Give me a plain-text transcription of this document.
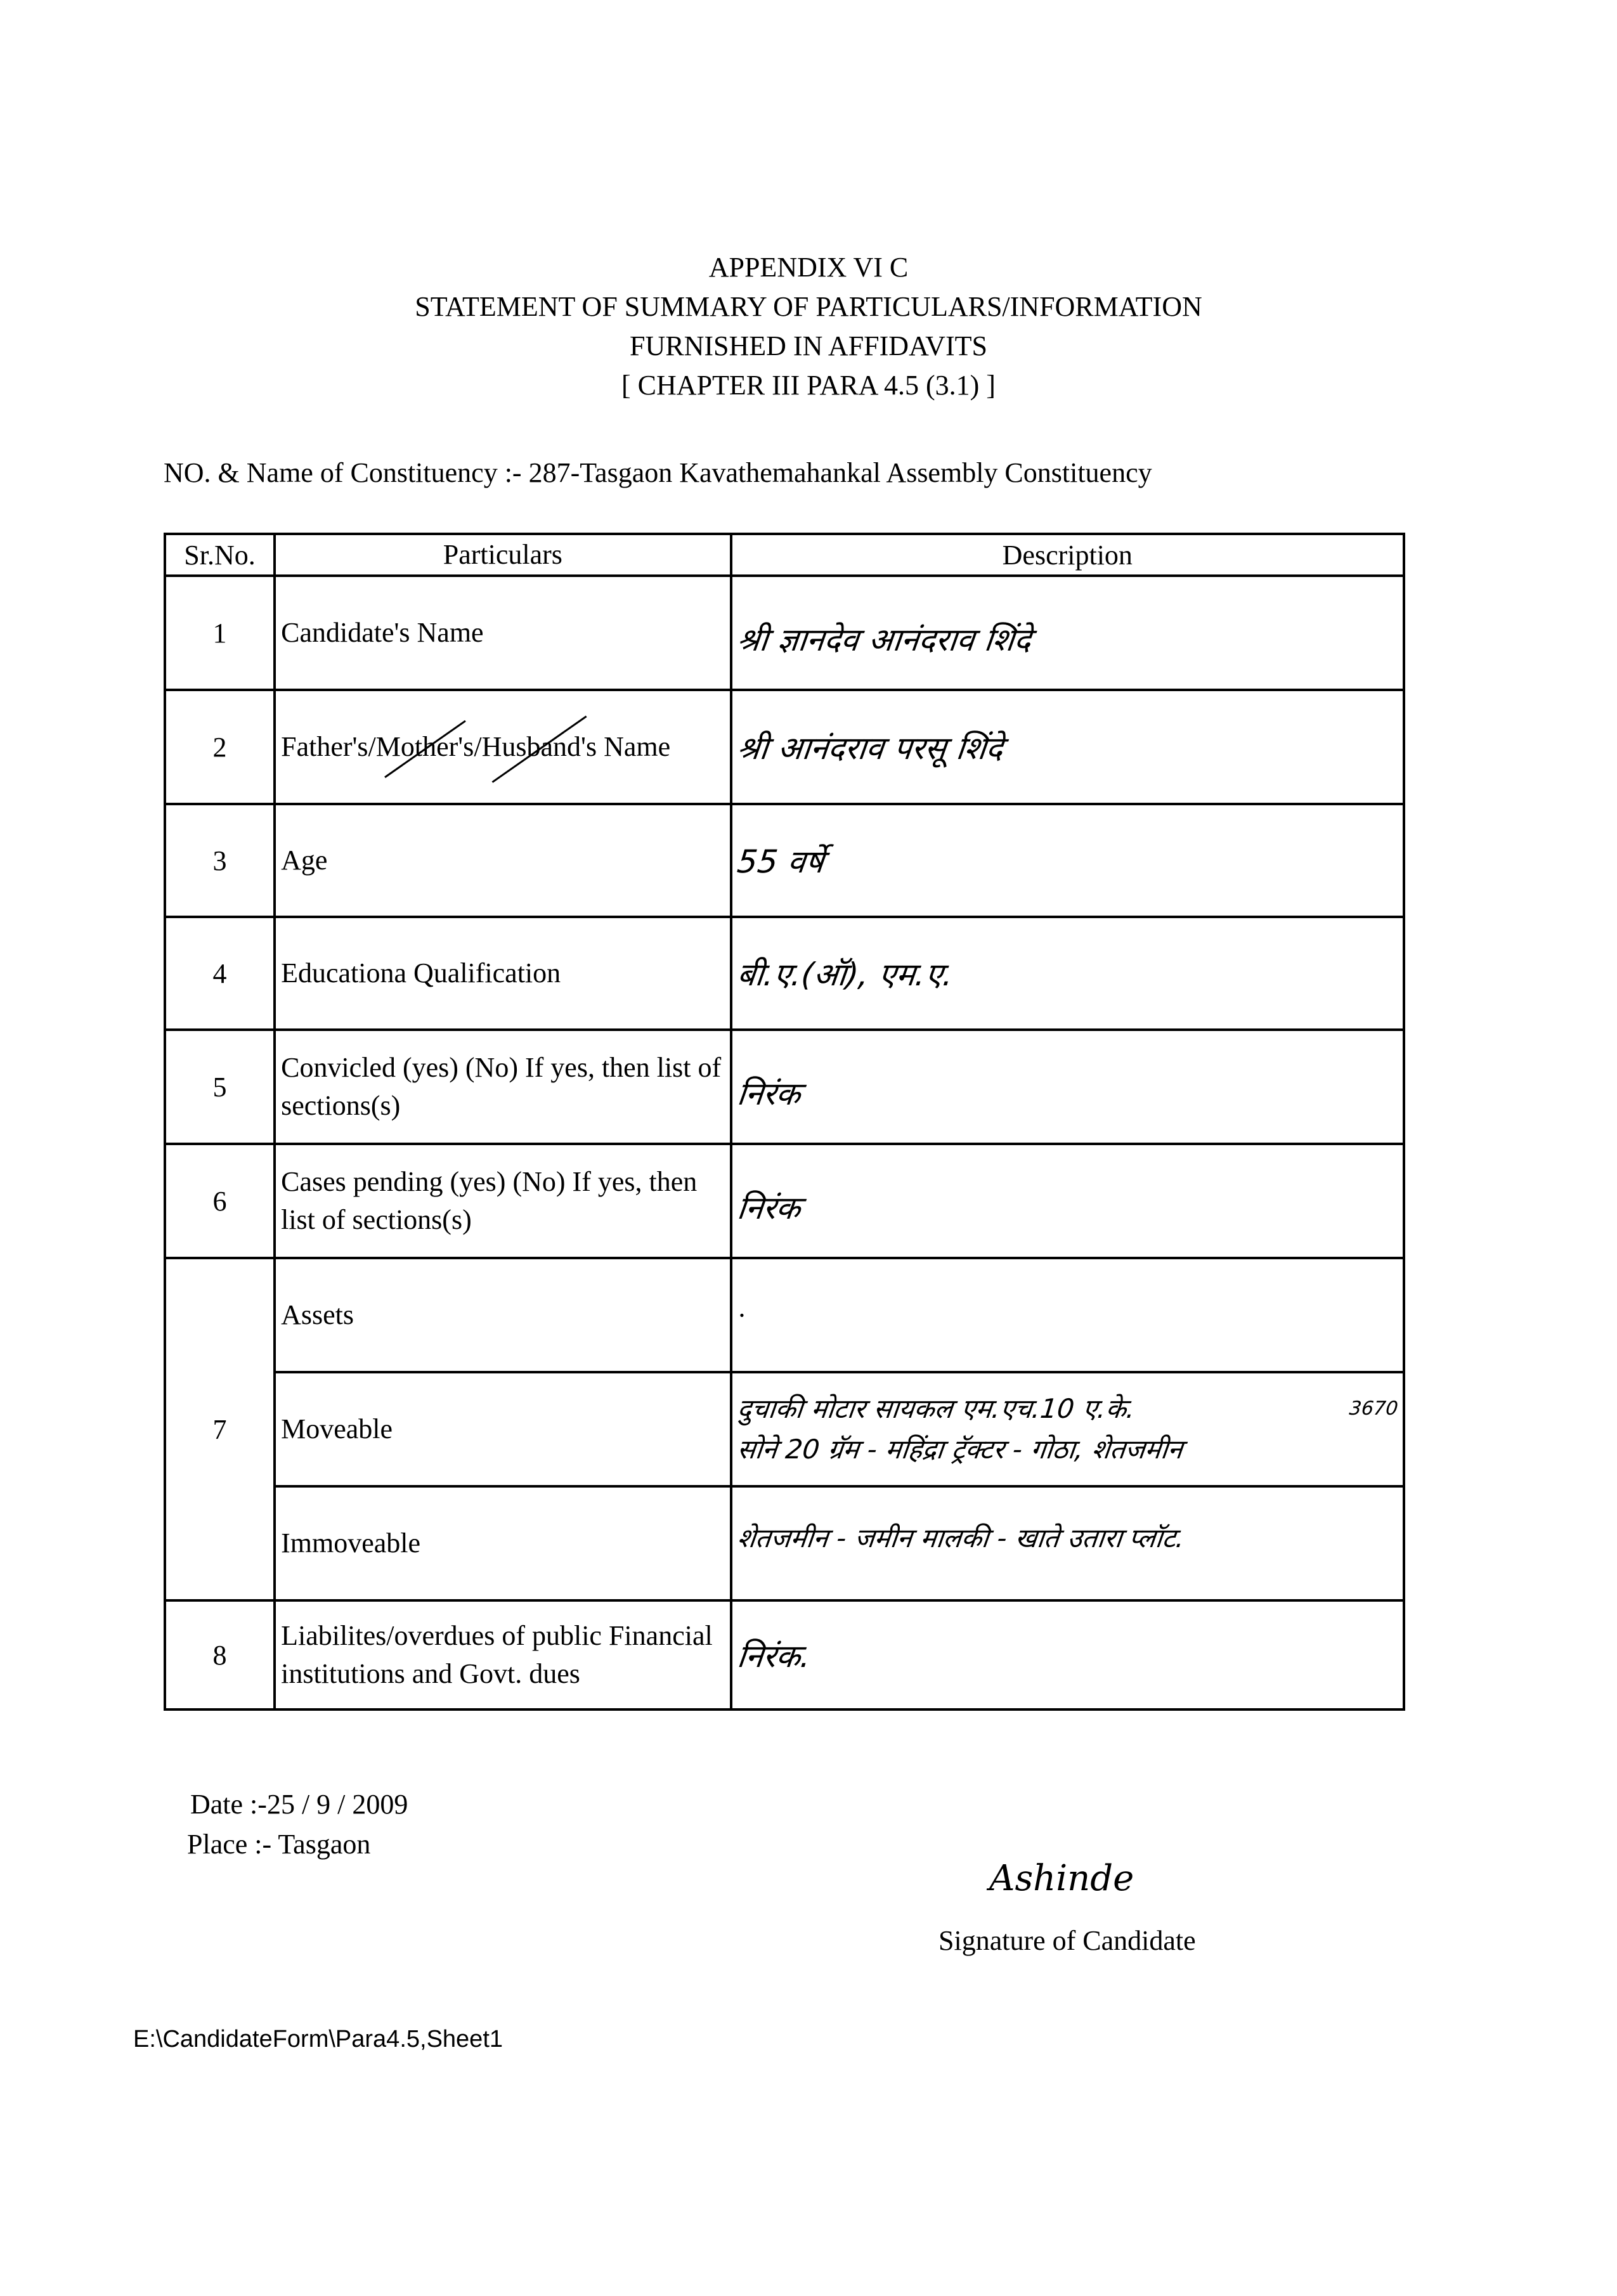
APPENDIX VI C
STATEMENT OF SUMMARY OF PARTICULARS/INFORMATION
FURNISHED IN AFFIDAVITS
[ CHAPTER III PARA 4.5 (3.1) ]
NO. & Name of Constituency :- 287-Tasgaon Kavathemahankal Assembly Constituency
Sr.No.	Particulars	Description
1	Candidate's Name	श्री ज्ञानदेव आनंदराव शिंदे
2	Father's/Mother's/Husband's Name	श्री आनंदराव परसू शिंदे
3	Age	55 वर्षे
4	Educationa Qualification	बी.ए.(ऑ), एम.ए.
5	Convicled (yes) (No) If yes, then list of sections(s)	निरंक
6	Cases pending (yes) (No) If yes, then list of sections(s)	निरंक
7	Assets	·
	Moveable	दुचाकी मोटार सायकल एम.एच.10 ए.के. 3670
सोने 20 ग्रॅम - महिंद्रा ट्रॅक्टर - गोठा, शेतजमीन
	Immoveable	शेतजमीन - जमीन मालकी - खाते उतारा प्लॉट.
8	Liabilites/overdues of public Financial institutions and Govt. dues	निरंक.
Date :-25 / 9 / 2009
Place :- Tasgaon
Ashinde
Signature of Candidate
E:\CandidateForm\Para4.5,Sheet1
